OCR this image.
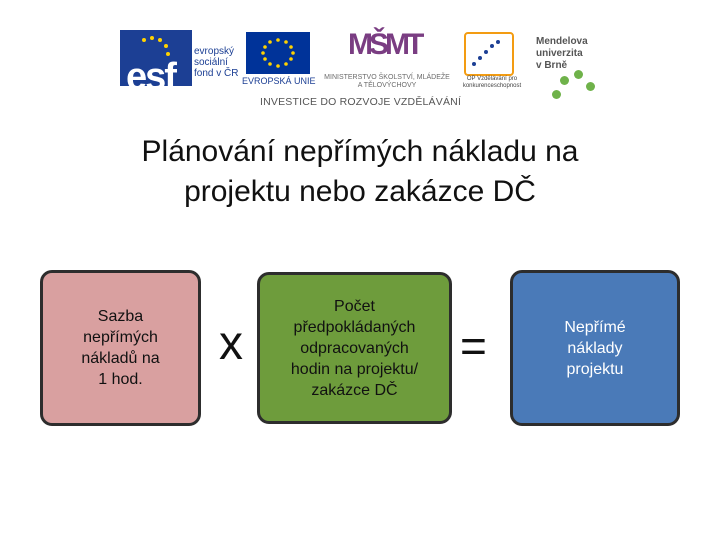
esf
evropský
sociální
fond v ČR
EVROPSKÁ UNIE
MŠMT
MINISTERSTVO ŠKOLSTVÍ, MLÁDEŽE A TĚLOVÝCHOVY
OP Vzdělávání pro konkurenceschopnost
Mendelova
univerzita
v Brně
INVESTICE DO ROZVOJE VZDĚLÁVÁNÍ
Plánování nepřímých nákladu na
projektu nebo zakázce DČ
Sazba
nepřímých
nákladů na
1 hod.
x
Počet
předpokládaných
odpracovaných
hodin na projektu/
zakázce DČ
=	Nepřímé
náklady
projektu
